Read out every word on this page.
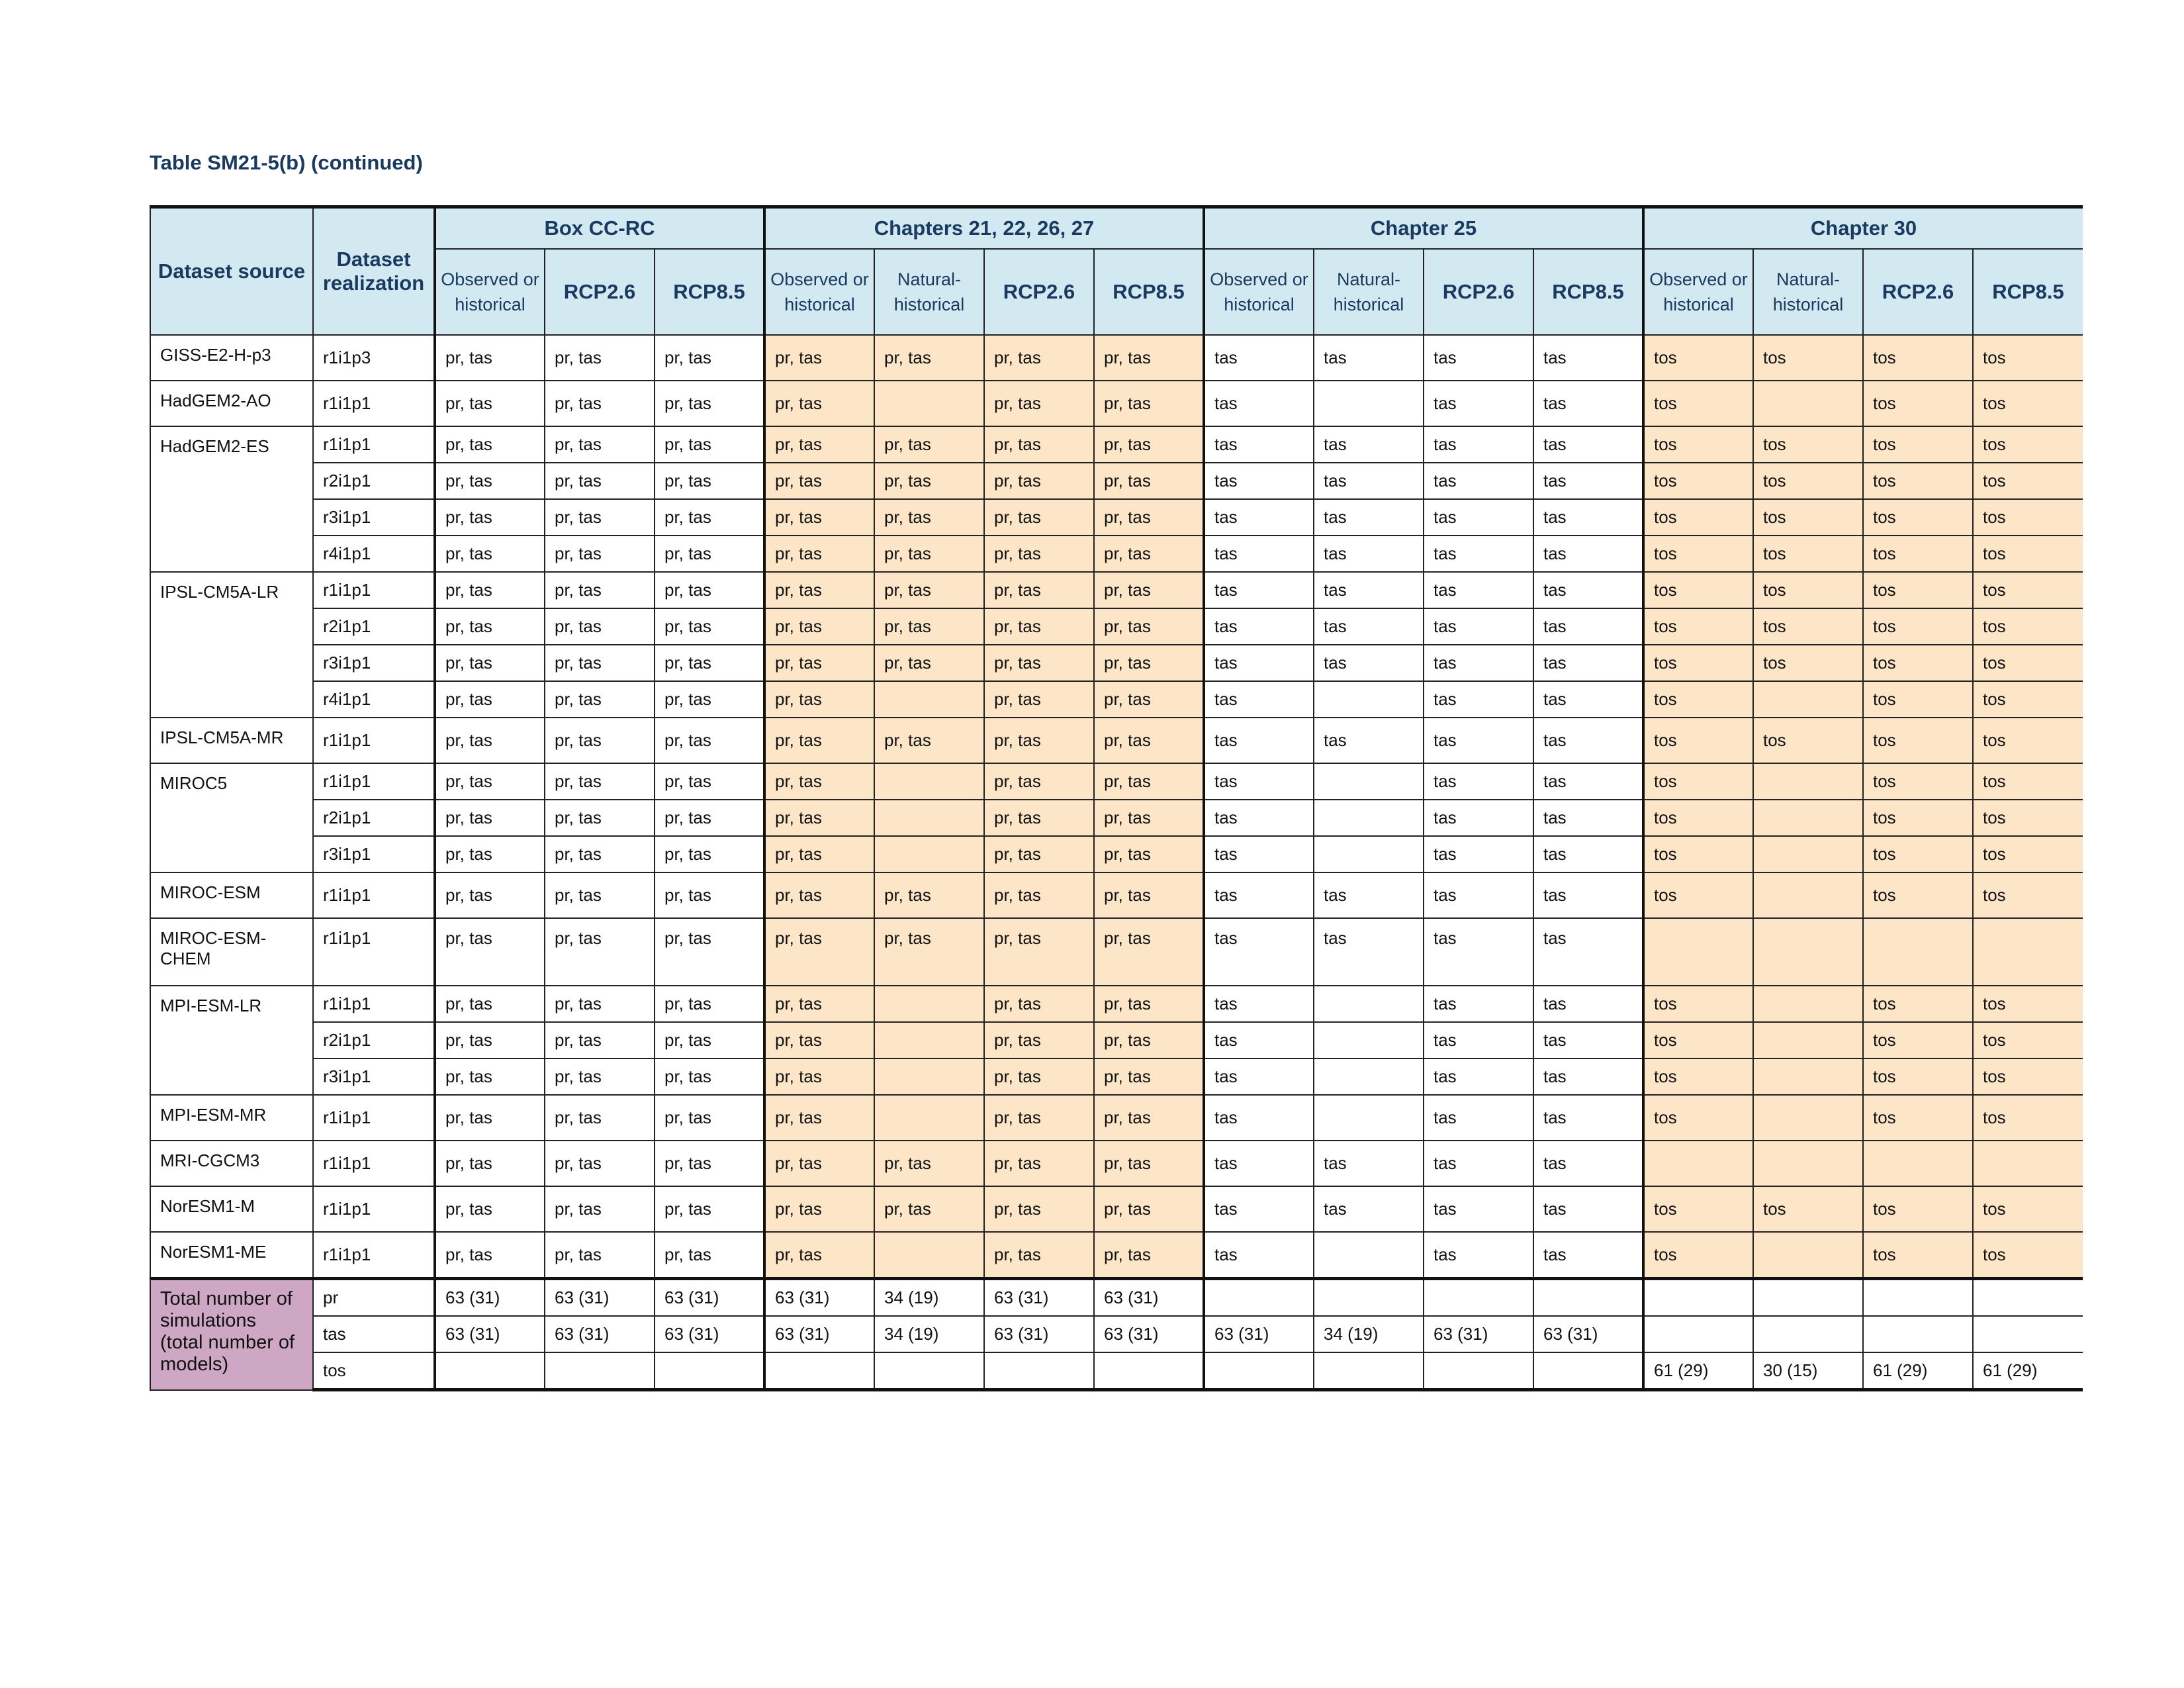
Table SM21-5(b) (continued)
Dataset source	Dataset realization	Box CC-RC			Chapters 21, 22, 26, 27				Chapter 25				Chapter 30			
		Observed or historical	RCP2.6	RCP8.5	Observed or historical	Natural-historical	RCP2.6	RCP8.5	Observed or historical	Natural-historical	RCP2.6	RCP8.5	Observed or historical	Natural-historical	RCP2.6	RCP8.5
GISS-E2-H-p3	r1i1p3	pr, tas	pr, tas	pr, tas	pr, tas	pr, tas	pr, tas	pr, tas	tas	tas	tas	tas	tos	tos	tos	tos
HadGEM2-AO	r1i1p1	pr, tas	pr, tas	pr, tas	pr, tas		pr, tas	pr, tas	tas		tas	tas	tos		tos	tos
HadGEM2-ES	r1i1p1	pr, tas	pr, tas	pr, tas	pr, tas	pr, tas	pr, tas	pr, tas	tas	tas	tas	tas	tos	tos	tos	tos
	r2i1p1	pr, tas	pr, tas	pr, tas	pr, tas	pr, tas	pr, tas	pr, tas	tas	tas	tas	tas	tos	tos	tos	tos
	r3i1p1	pr, tas	pr, tas	pr, tas	pr, tas	pr, tas	pr, tas	pr, tas	tas	tas	tas	tas	tos	tos	tos	tos
	r4i1p1	pr, tas	pr, tas	pr, tas	pr, tas	pr, tas	pr, tas	pr, tas	tas	tas	tas	tas	tos	tos	tos	tos
IPSL-CM5A-LR	r1i1p1	pr, tas	pr, tas	pr, tas	pr, tas	pr, tas	pr, tas	pr, tas	tas	tas	tas	tas	tos	tos	tos	tos
	r2i1p1	pr, tas	pr, tas	pr, tas	pr, tas	pr, tas	pr, tas	pr, tas	tas	tas	tas	tas	tos	tos	tos	tos
	r3i1p1	pr, tas	pr, tas	pr, tas	pr, tas	pr, tas	pr, tas	pr, tas	tas	tas	tas	tas	tos	tos	tos	tos
	r4i1p1	pr, tas	pr, tas	pr, tas	pr, tas		pr, tas	pr, tas	tas		tas	tas	tos		tos	tos
IPSL-CM5A-MR	r1i1p1	pr, tas	pr, tas	pr, tas	pr, tas	pr, tas	pr, tas	pr, tas	tas	tas	tas	tas	tos	tos	tos	tos
MIROC5	r1i1p1	pr, tas	pr, tas	pr, tas	pr, tas		pr, tas	pr, tas	tas		tas	tas	tos		tos	tos
	r2i1p1	pr, tas	pr, tas	pr, tas	pr, tas		pr, tas	pr, tas	tas		tas	tas	tos		tos	tos
	r3i1p1	pr, tas	pr, tas	pr, tas	pr, tas		pr, tas	pr, tas	tas		tas	tas	tos		tos	tos
MIROC-ESM	r1i1p1	pr, tas	pr, tas	pr, tas	pr, tas	pr, tas	pr, tas	pr, tas	tas	tas	tas	tas	tos		tos	tos
MIROC-ESM-CHEM	r1i1p1	pr, tas	pr, tas	pr, tas	pr, tas	pr, tas	pr, tas	pr, tas	tas	tas	tas	tas				
MPI-ESM-LR	r1i1p1	pr, tas	pr, tas	pr, tas	pr, tas		pr, tas	pr, tas	tas		tas	tas	tos		tos	tos
	r2i1p1	pr, tas	pr, tas	pr, tas	pr, tas		pr, tas	pr, tas	tas		tas	tas	tos		tos	tos
	r3i1p1	pr, tas	pr, tas	pr, tas	pr, tas		pr, tas	pr, tas	tas		tas	tas	tos		tos	tos
MPI-ESM-MR	r1i1p1	pr, tas	pr, tas	pr, tas	pr, tas		pr, tas	pr, tas	tas		tas	tas	tos		tos	tos
MRI-CGCM3	r1i1p1	pr, tas	pr, tas	pr, tas	pr, tas	pr, tas	pr, tas	pr, tas	tas	tas	tas	tas				
NorESM1-M	r1i1p1	pr, tas	pr, tas	pr, tas	pr, tas	pr, tas	pr, tas	pr, tas	tas	tas	tas	tas	tos	tos	tos	tos
NorESM1-ME	r1i1p1	pr, tas	pr, tas	pr, tas	pr, tas		pr, tas	pr, tas	tas		tas	tas	tos		tos	tos
Total number of simulations (total number of models)	pr	63 (31)	63 (31)	63 (31)	63 (31)	34 (19)	63 (31)	63 (31)								
	tas	63 (31)	63 (31)	63 (31)	63 (31)	34 (19)	63 (31)	63 (31)	63 (31)	34 (19)	63 (31)	63 (31)				
	tos												61 (29)	30 (15)	61 (29)	61 (29)
